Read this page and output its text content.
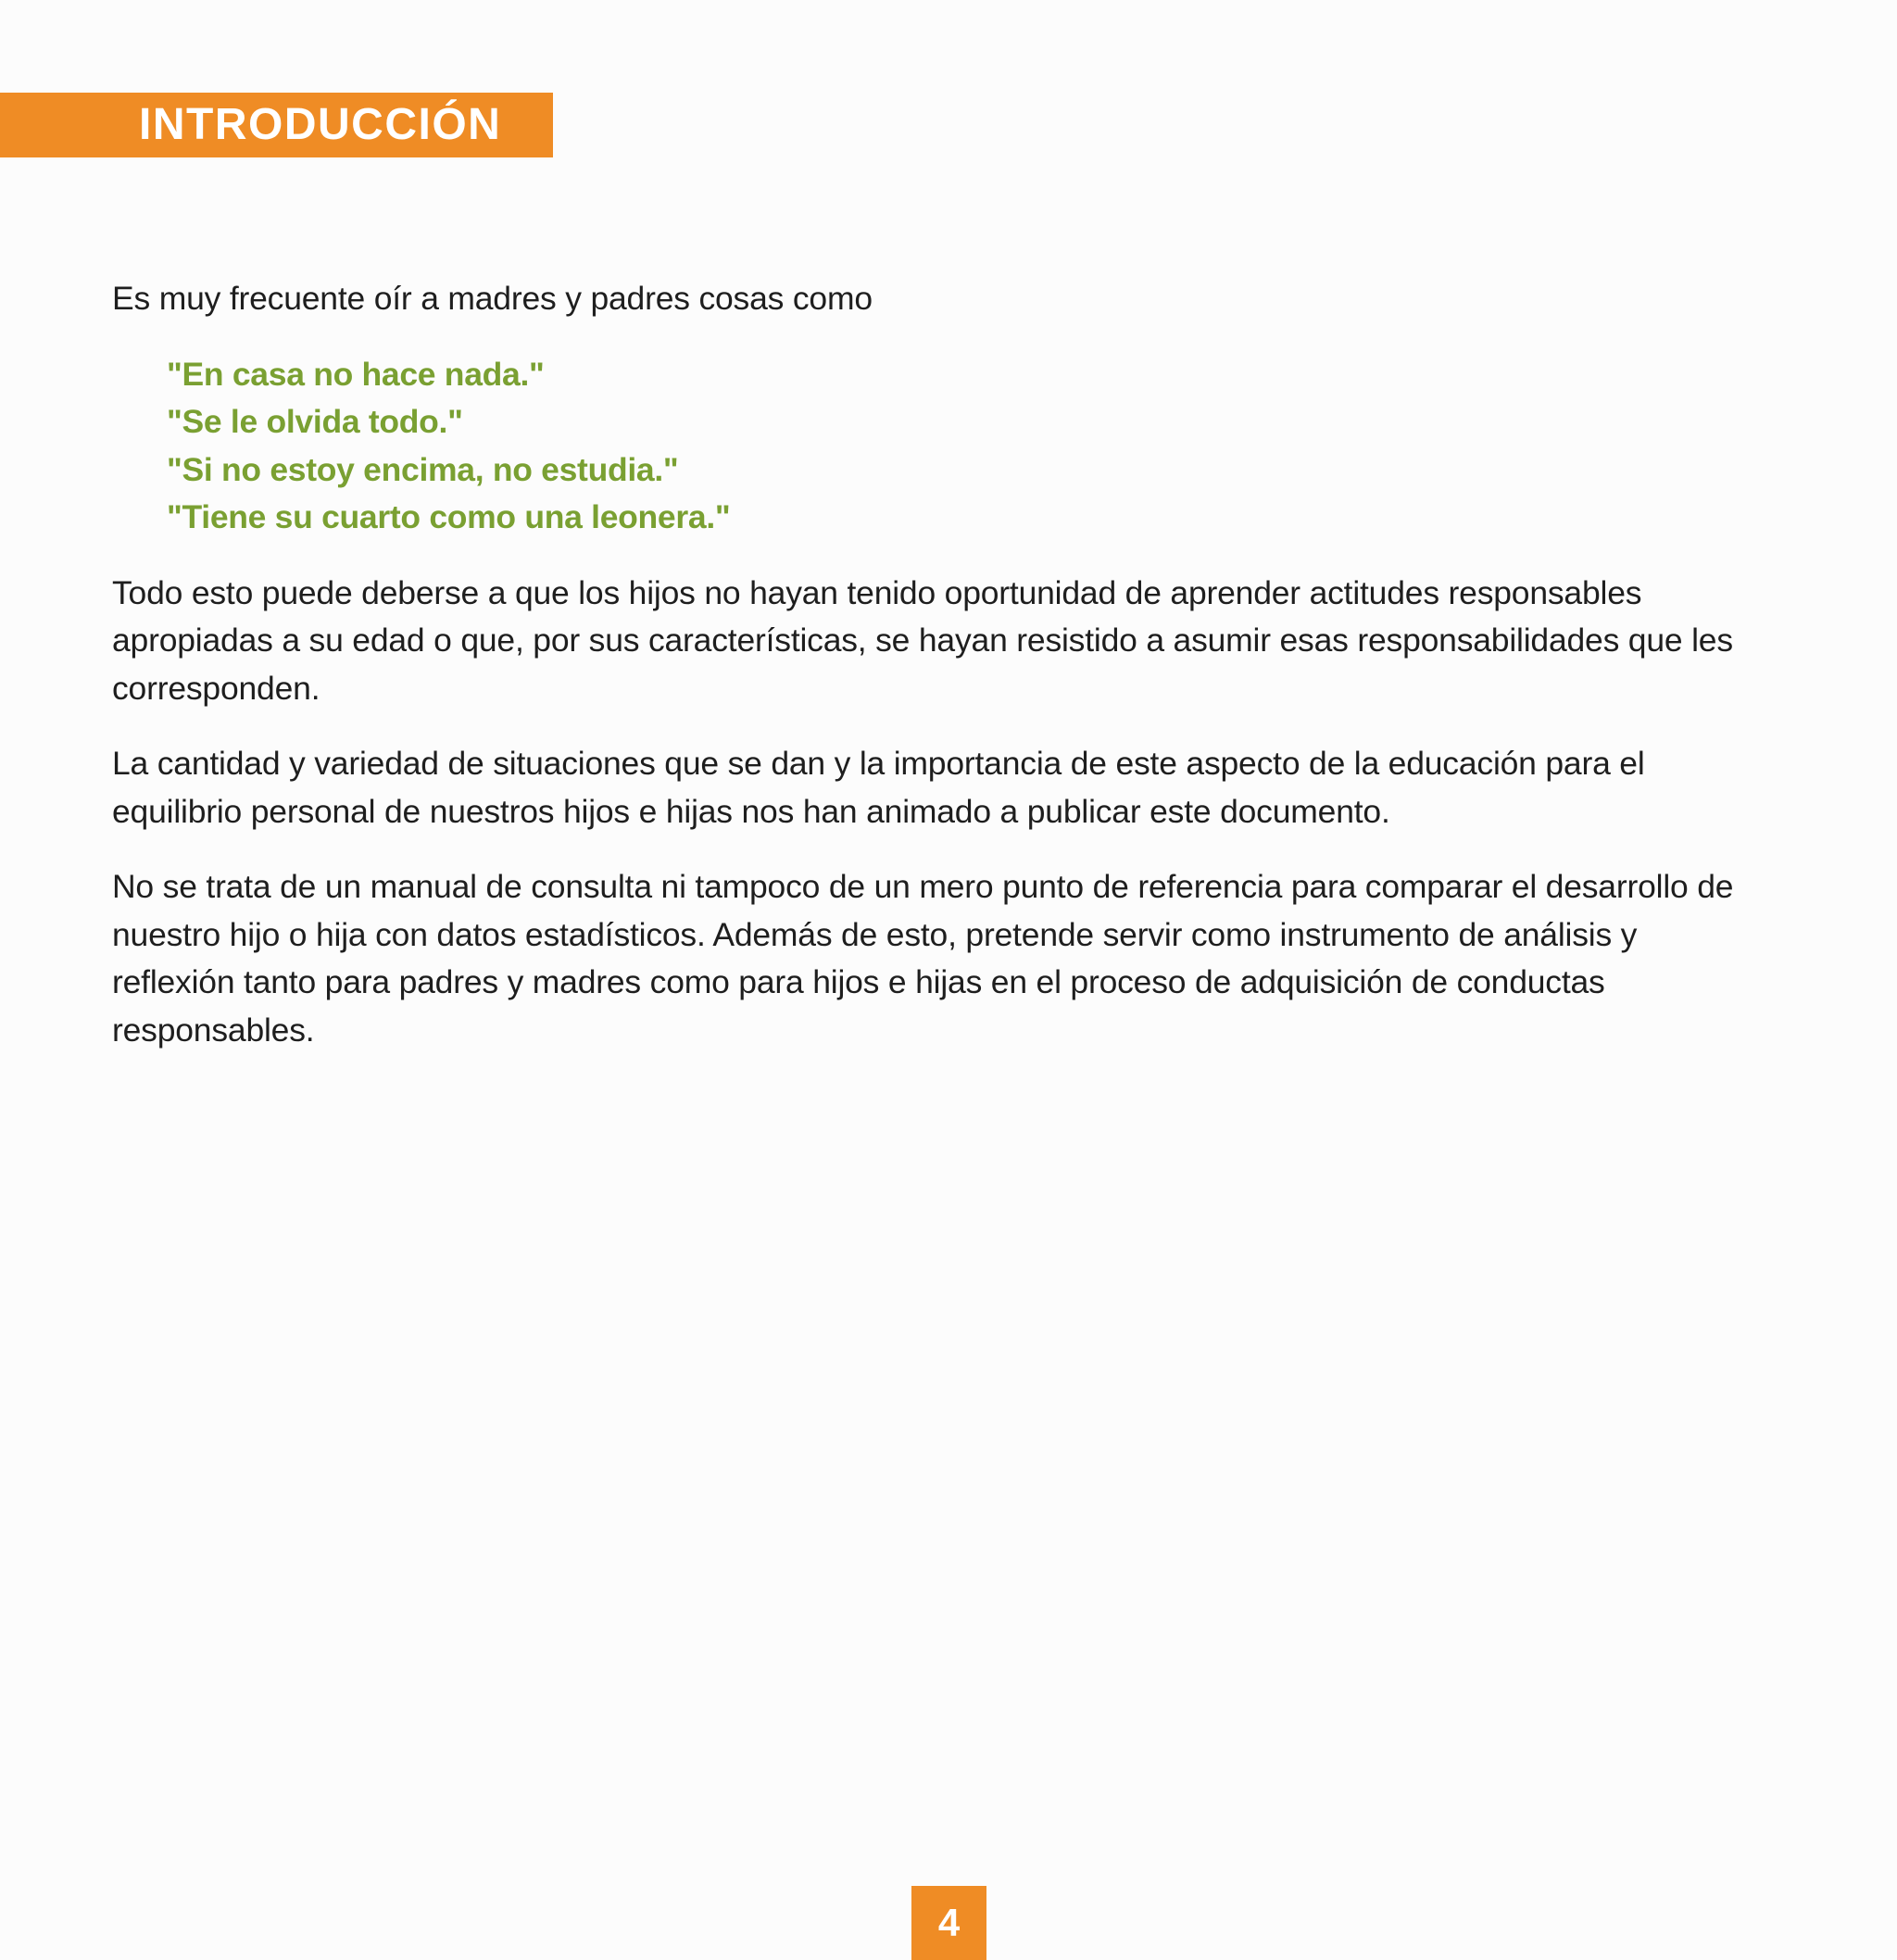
INTRODUCCIÓN

Es muy frecuente oír a madres y padres cosas como

"En casa no hace nada."
"Se le olvida todo."
"Si no estoy encima, no estudia."
"Tiene su cuarto como una leonera."

Todo esto puede deberse a que los hijos no hayan tenido oportunidad de aprender actitudes responsables apropiadas a su edad o que, por sus características, se hayan resistido a asumir esas responsabilidades que les corresponden.

La cantidad y variedad de situaciones que se dan y la importancia de este aspecto de la educación para el equilibrio personal de nuestros hijos e hijas nos han animado a publicar este documento.

No se trata de un manual de consulta ni tampoco de un mero punto de referencia para comparar el desarrollo de nuestro hijo o hija con datos estadísticos. Además de esto, pretende servir como instrumento de análisis y reflexión tanto para padres y madres como para hijos e hijas en el proceso de adquisición de conductas responsables.

4
